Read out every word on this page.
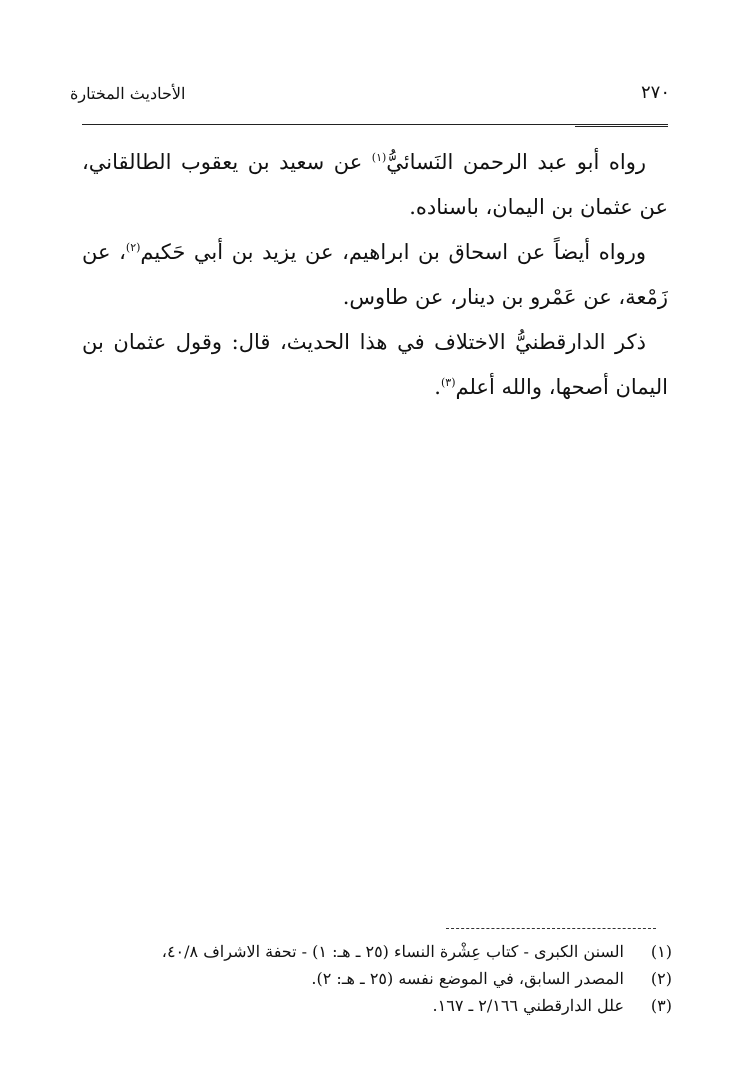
٢٧٠
الأحاديث المختارة

رواه أبو عبد الرحمن النَسائيُّ$^{(١)}$ عن سعيد بن يعقوب الطالقاني، عن عثمان بن اليمان، باسناده.

ورواه أيضاً عن اسحاق بن ابراهيم، عن يزيد بن أبي حَكيم$^{(٢)}$، عن زَمْعة، عن عَمْرو بن دينار، عن طاوس.

ذكر الدارقطنيُّ الاختلاف في هذا الحديث، قال: وقول عثمان بن اليمان أصحها، والله أعلم$^{(٣)}$.

(١)
السنن الكبرى - كتاب عِشْرة النساء (٢٥ ـ هـ: ١) - تحفة الاشراف ٤٠/٨،
(٢)
المصدر السابق، في الموضع نفسه (٢٥ ـ هـ: ٢).
(٣)
علل الدارقطني ٢/١٦٦ ـ ١٦٧.
